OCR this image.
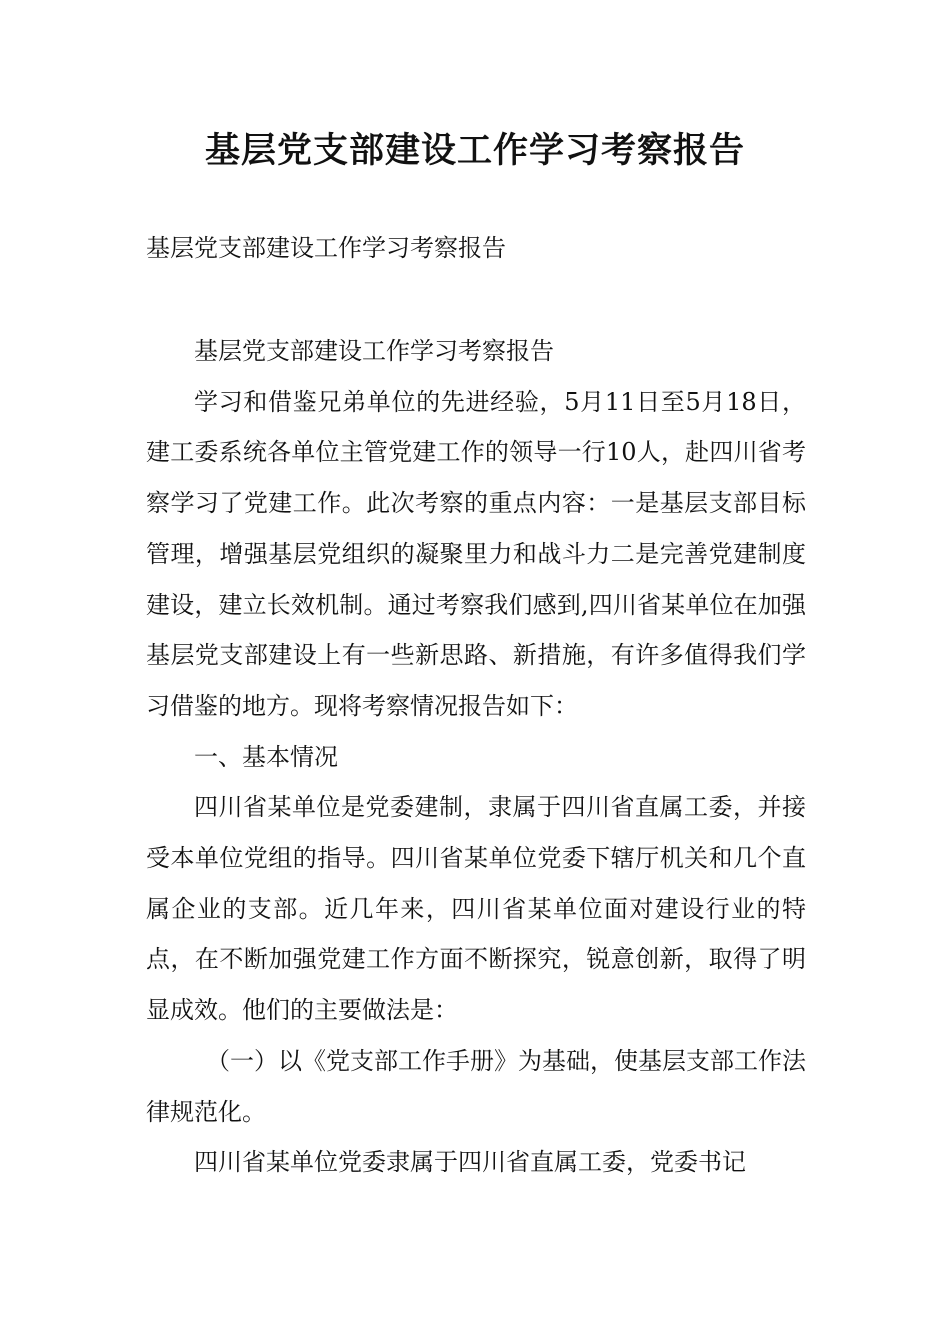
基层党支部建设工作学习考察报告
基层党支部建设工作学习考察报告

基层党支部建设工作学习考察报告

学习和借鉴兄弟单位的先进经验，5月11日至5月18日，建工委系统各单位主管党建工作的领导一行10人，赴四川省考察学习了党建工作。此次考察的重点内容：一是基层支部目标管理，增强基层党组织的凝聚里力和战斗力二是完善党建制度建设，建立长效机制。通过考察我们感到,四川省某单位在加强基层党支部建设上有一些新思路、新措施，有许多值得我们学习借鉴的地方。现将考察情况报告如下：

一、基本情况

四川省某单位是党委建制，隶属于四川省直属工委，并接受本单位党组的指导。四川省某单位党委下辖厅机关和几个直属企业的支部。近几年来，四川省某单位面对建设行业的特点，在不断加强党建工作方面不断探究，锐意创新，取得了明显成效。他们的主要做法是：

（一）以《党支部工作手册》为基础，使基层支部工作法律规范化。

四川省某单位党委隶属于四川省直属工委，党委书记
